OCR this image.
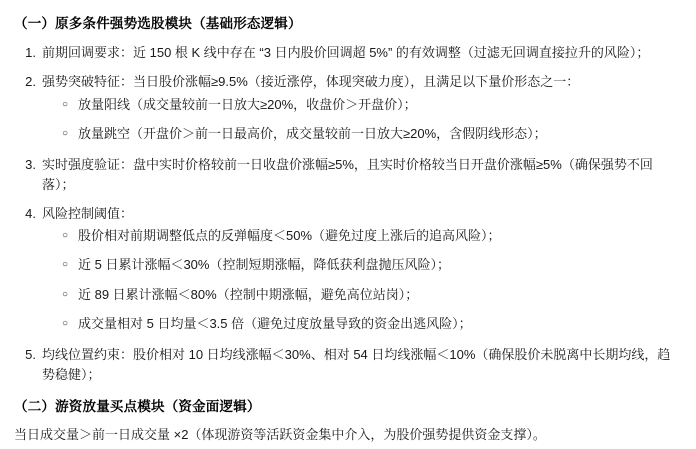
（一）原多条件强势选股模块（基础形态逻辑）
1. 前期回调要求：近 150 根 K 线中存在 “3 日内股价回调超 5%” 的有效调整（过滤无回调直接拉升的风险）；
2. 强势突破特征：当日股价涨幅≥9.5%（接近涨停，体现突破力度），且满足以下量价形态之一：
○ 放量阳线（成交量较前一日放大≥20%，收盘价＞开盘价）；
○ 放量跳空（开盘价＞前一日最高价，成交量较前一日放大≥20%，含假阴线形态）；
3. 实时强度验证：盘中实时价格较前一日收盘价涨幅≥5%，且实时价格较当日开盘价涨幅≥5%（确保强势不回落）；
4. 风险控制阈值：
○ 股价相对前期调整低点的反弹幅度＜50%（避免过度上涨后的追高风险）；
○ 近 5 日累计涨幅＜30%（控制短期涨幅，降低获利盘抛压风险）；
○ 近 89 日累计涨幅＜80%（控制中期涨幅，避免高位站岗）；
○ 成交量相对 5 日均量＜3.5 倍（避免过度放量导致的资金出逃风险）；
5. 均线位置约束：股价相对 10 日均线涨幅＜30%、相对 54 日均线涨幅＜10%（确保股价未脱离中长期均线，趋势稳健）；
（二）游资放量买点模块（资金面逻辑）
当日成交量＞前一日成交量 ×2（体现游资等活跃资金集中介入，为股价强势提供资金支撑）。
